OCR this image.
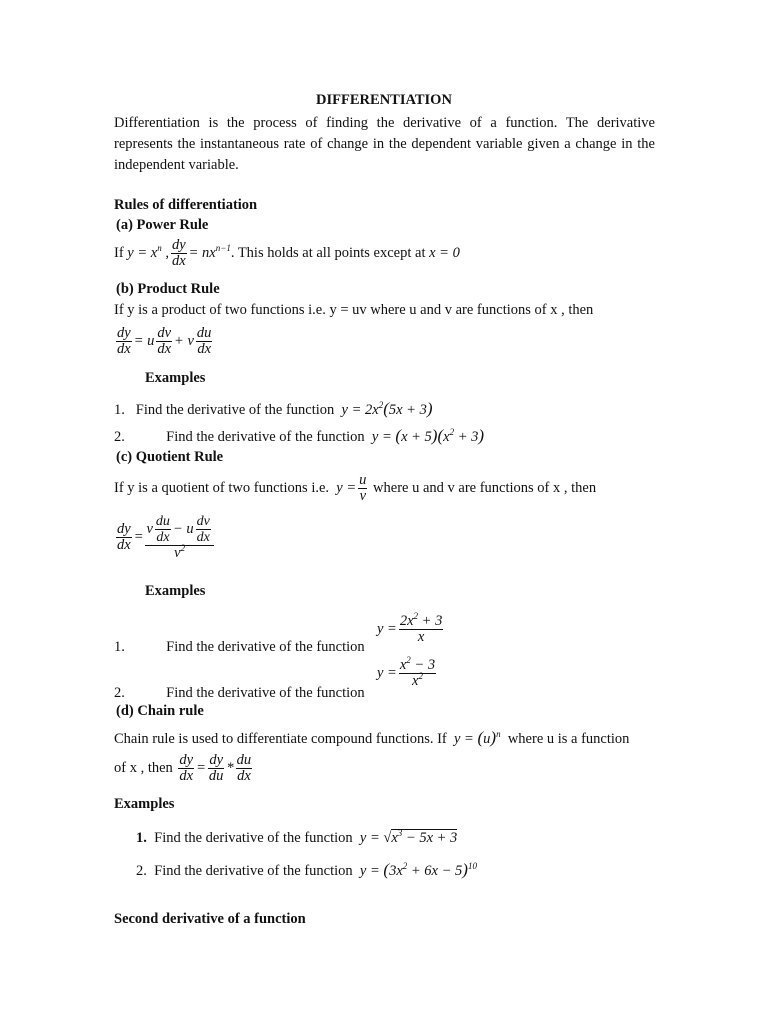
DIFFERENTIATION
Differentiation is the process of finding the derivative of a function. The derivative represents the instantaneous rate of change in the dependent variable given a change in the independent variable.
Rules of differentiation
(a) Power Rule
If $y = x^n$ , $\frac{dy}{dx} = nx^{n-1}$. This holds at all points except at x = 0
(b) Product Rule
If y is a product of two functions i.e. y = uv where u and v are functions of x , then
$\frac{dy}{dx} = u \frac{dv}{dx} + v \frac{du}{dx}$
Examples
1. Find the derivative of the function $y = 2x^2(5x + 3)$
2.	Find the derivative of the function $y = (x + 5)(x^2 + 3)$
(c) Quotient Rule
If y is a quotient of two functions i.e.  $y = \frac{u}{v}$ where u and v are functions of x , then
$\frac{dy}{dx} = \frac{v \frac{du}{dx} - u \frac{dv}{dx}}{v^2}$
Examples
$y = \frac{2x^2 + 3}{x}$
1.	Find the derivative of the function
$y = \frac{x^2 - 3}{x^2}$
2.	Find the derivative of the function
(d) Chain rule
Chain rule is used to differentiate compound functions. If  $y = (u)^n$ where u is a function
of x , then $\frac{dy}{dx} = \frac{dy}{du} * \frac{du}{dx}$
Examples
1. Find the derivative of the function $y = √x^3 - 5x + 3$
2. Find the derivative of the function $y = (3x^2 + 6x - 5)^{10}$
Second derivative of a function
